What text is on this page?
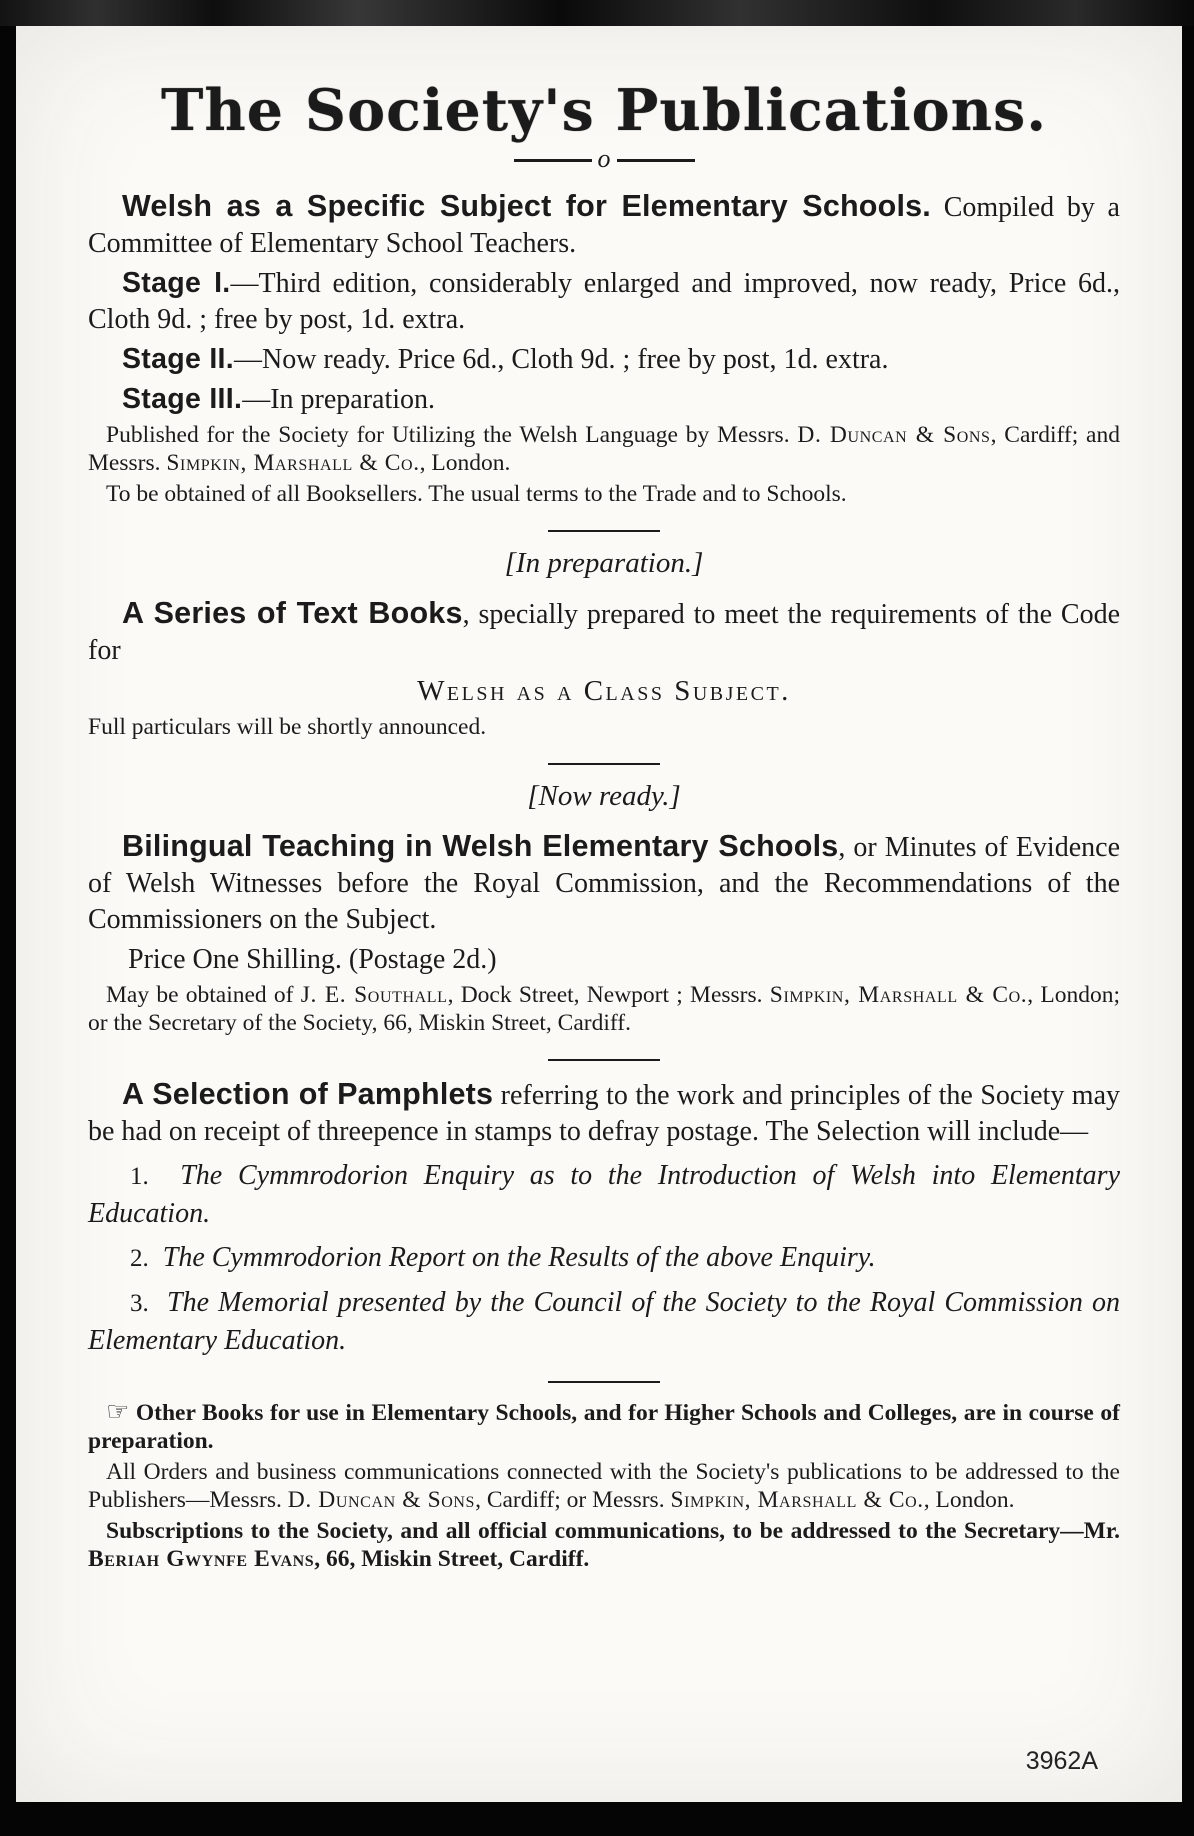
The Society's Publications.
o

Welsh as a Specific Subject for Elementary Schools. Compiled by a Committee of Elementary School Teachers.

Stage I.—Third edition, considerably enlarged and improved, now ready, Price 6d., Cloth 9d. ; free by post, 1d. extra.

Stage II.—Now ready. Price 6d., Cloth 9d. ; free by post, 1d. extra.

Stage III.—In preparation.

Published for the Society for Utilizing the Welsh Language by Messrs. D. Duncan & Sons, Cardiff; and Messrs. Simpkin, Marshall & Co., London.

To be obtained of all Booksellers. The usual terms to the Trade and to Schools.

[In preparation.]

A Series of Text Books, specially prepared to meet the requirements of the Code for

Welsh as a Class Subject.

Full particulars will be shortly announced.

[Now ready.]

Bilingual Teaching in Welsh Elementary Schools, or Minutes of Evidence of Welsh Witnesses before the Royal Commission, and the Recommendations of the Commissioners on the Subject.

Price One Shilling. (Postage 2d.)

May be obtained of J. E. Southall, Dock Street, Newport ; Messrs. Simpkin, Marshall & Co., London; or the Secretary of the Society, 66, Miskin Street, Cardiff.

A Selection of Pamphlets referring to the work and principles of the Society may be had on receipt of threepence in stamps to defray postage. The Selection will include—

1. The Cymmrodorion Enquiry as to the Introduction of Welsh into Elementary Education.

2. The Cymmrodorion Report on the Results of the above Enquiry.

3. The Memorial presented by the Council of the Society to the Royal Commission on Elementary Education.

☞ Other Books for use in Elementary Schools, and for Higher Schools and Colleges, are in course of preparation.

All Orders and business communications connected with the Society's publications to be addressed to the Publishers—Messrs. D. Duncan & Sons, Cardiff; or Messrs. Simpkin, Marshall & Co., London.

Subscriptions to the Society, and all official communications, to be addressed to the Secretary—Mr. Beriah Gwynfe Evans, 66, Miskin Street, Cardiff.

3962A
